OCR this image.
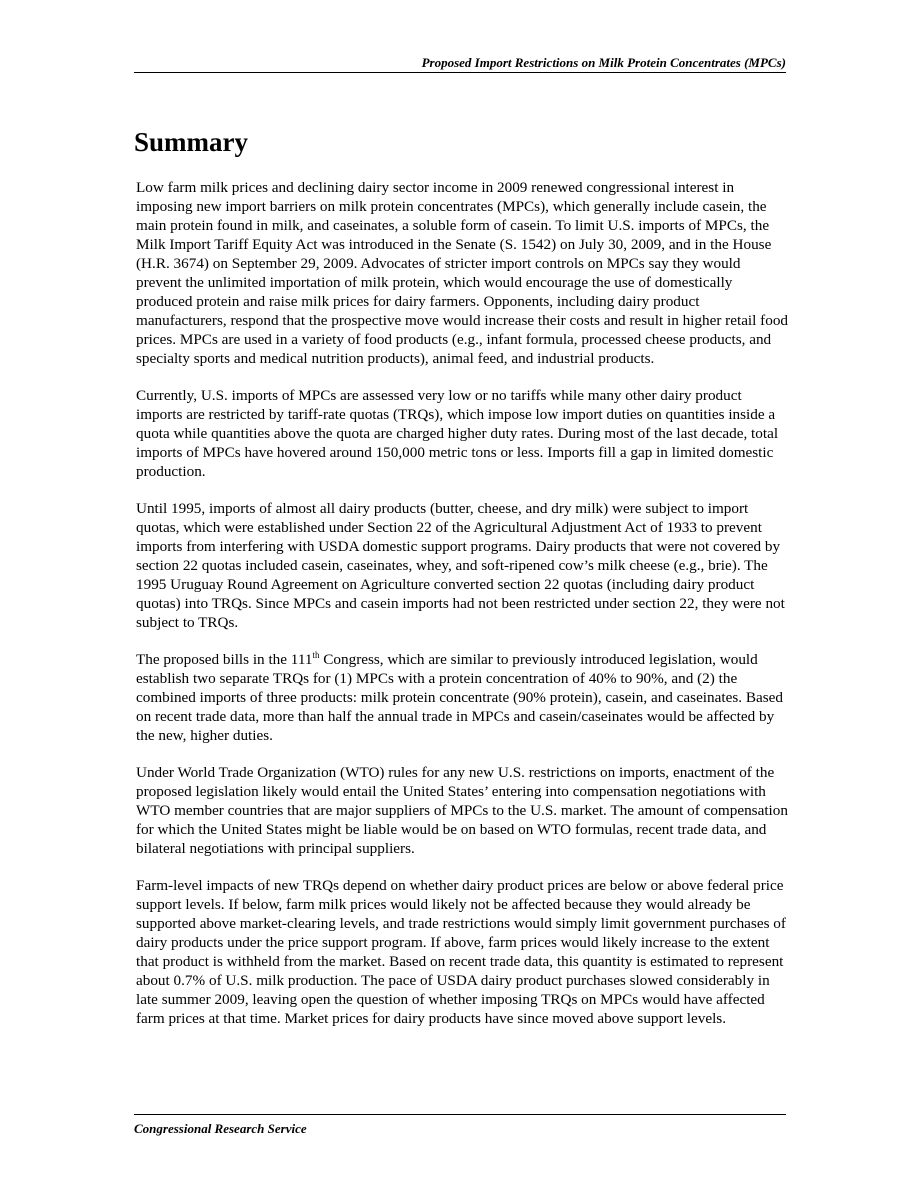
Proposed Import Restrictions on Milk Protein Concentrates (MPCs)
Summary

Low farm milk prices and declining dairy sector income in 2009 renewed congressional interest in imposing new import barriers on milk protein concentrates (MPCs), which generally include casein, the main protein found in milk, and caseinates, a soluble form of casein. To limit U.S. imports of MPCs, the Milk Import Tariff Equity Act was introduced in the Senate (S. 1542) on July 30, 2009, and in the House (H.R. 3674) on September 29, 2009. Advocates of stricter import controls on MPCs say they would prevent the unlimited importation of milk protein, which would encourage the use of domestically produced protein and raise milk prices for dairy farmers. Opponents, including dairy product manufacturers, respond that the prospective move would increase their costs and result in higher retail food prices. MPCs are used in a variety of food products (e.g., infant formula, processed cheese products, and specialty sports and medical nutrition products), animal feed, and industrial products.

Currently, U.S. imports of MPCs are assessed very low or no tariffs while many other dairy product imports are restricted by tariff-rate quotas (TRQs), which impose low import duties on quantities inside a quota while quantities above the quota are charged higher duty rates. During most of the last decade, total imports of MPCs have hovered around 150,000 metric tons or less. Imports fill a gap in limited domestic production.

Until 1995, imports of almost all dairy products (butter, cheese, and dry milk) were subject to import quotas, which were established under Section 22 of the Agricultural Adjustment Act of 1933 to prevent imports from interfering with USDA domestic support programs. Dairy products that were not covered by section 22 quotas included casein, caseinates, whey, and soft-ripened cow’s milk cheese (e.g., brie). The 1995 Uruguay Round Agreement on Agriculture converted section 22 quotas (including dairy product quotas) into TRQs. Since MPCs and casein imports had not been restricted under section 22, they were not subject to TRQs.

The proposed bills in the 111th Congress, which are similar to previously introduced legislation, would establish two separate TRQs for (1) MPCs with a protein concentration of 40% to 90%, and (2) the combined imports of three products: milk protein concentrate (90% protein), casein, and caseinates. Based on recent trade data, more than half the annual trade in MPCs and casein/caseinates would be affected by the new, higher duties.

Under World Trade Organization (WTO) rules for any new U.S. restrictions on imports, enactment of the proposed legislation likely would entail the United States’ entering into compensation negotiations with WTO member countries that are major suppliers of MPCs to the U.S. market. The amount of compensation for which the United States might be liable would be on based on WTO formulas, recent trade data, and bilateral negotiations with principal suppliers.

Farm-level impacts of new TRQs depend on whether dairy product prices are below or above federal price support levels. If below, farm milk prices would likely not be affected because they would already be supported above market-clearing levels, and trade restrictions would simply limit government purchases of dairy products under the price support program. If above, farm prices would likely increase to the extent that product is withheld from the market. Based on recent trade data, this quantity is estimated to represent about 0.7% of U.S. milk production. The pace of USDA dairy product purchases slowed considerably in late summer 2009, leaving open the question of whether imposing TRQs on MPCs would have affected farm prices at that time. Market prices for dairy products have since moved above support levels.

Congressional Research Service
